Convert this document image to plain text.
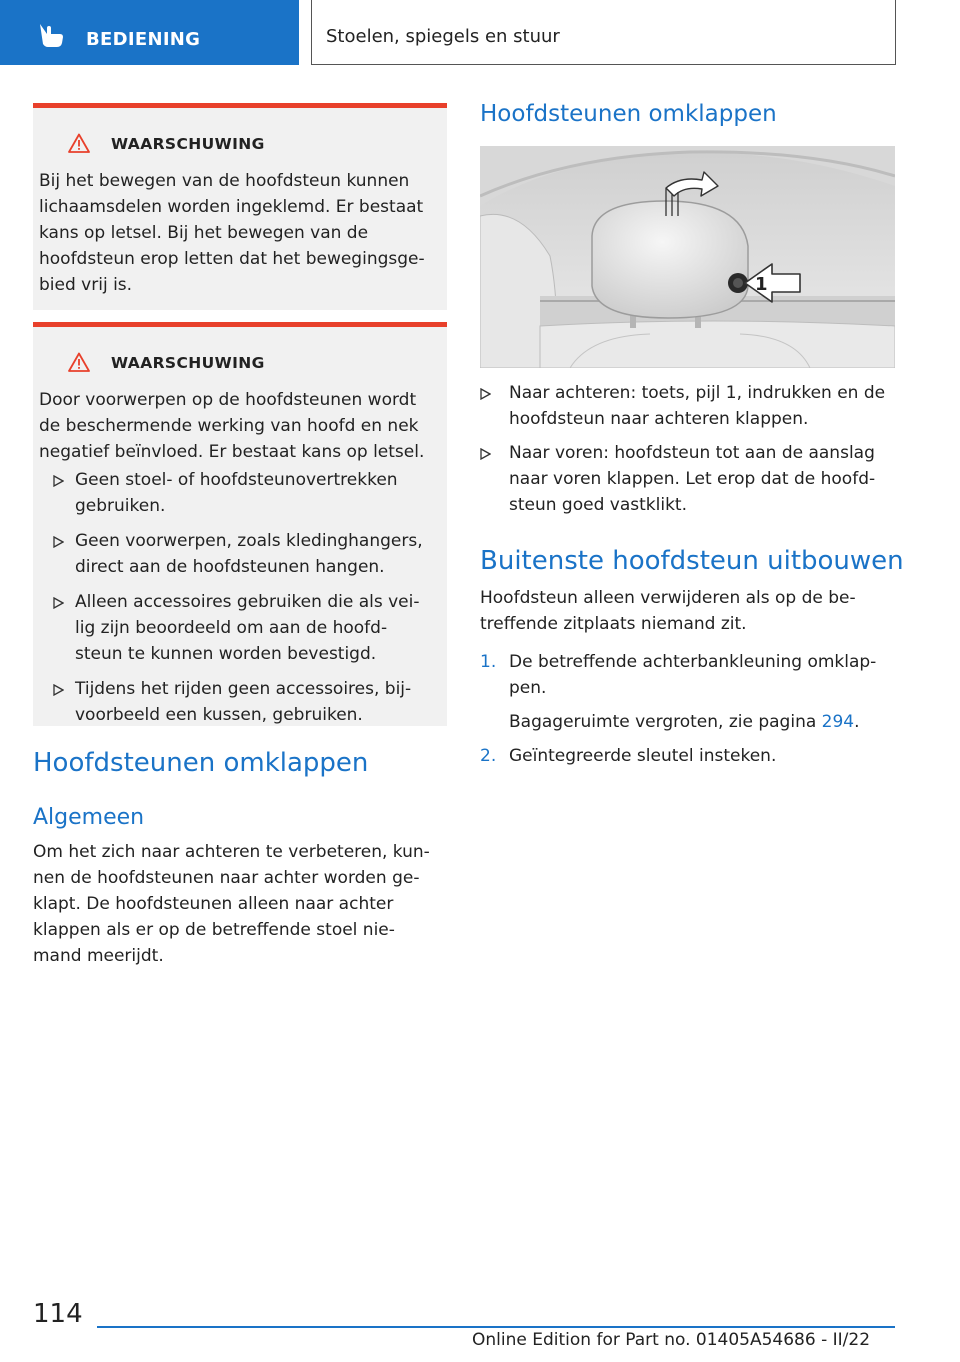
BEDIENING	Stoelen, spiegels en stuur
WAARSCHUWING
Bij het bewegen van de hoofdsteun kunnen
lichaamsdelen worden ingeklemd. Er bestaat
kans op letsel. Bij het bewegen van de
hoofdsteun erop letten dat het bewegingsge‐
bied vrij is.
WAARSCHUWING
Door voorwerpen op de hoofdsteunen wordt
de beschermende werking van hoofd en nek
negatief beïnvloed. Er bestaat kans op letsel.
Geen stoel- of hoofdsteunovertrekken
gebruiken.
Geen voorwerpen, zoals kledinghangers,
direct aan de hoofdsteunen hangen.
Alleen accessoires gebruiken die als vei‐
lig zijn beoordeeld om aan de hoofd‐
steun te kunnen worden bevestigd.
Tijdens het rijden geen accessoires, bij‐
voorbeeld een kussen, gebruiken.
Hoofdsteunen omklappen
Algemeen
Om het zich naar achteren te verbeteren, kun‐
nen de hoofdsteunen naar achter worden ge‐
klapt. De hoofdsteunen alleen naar achter
klappen als er op de betreffende stoel nie‐
mand meerijdt.
Hoofdsteunen omklappen
1
Naar achteren: toets, pijl 1, indrukken en de
hoofdsteun naar achteren klappen.
Naar voren: hoofdsteun tot aan de aanslag
naar voren klappen. Let erop dat de hoofd‐
steun goed vastklikt.
Buitenste hoofdsteun uitbouwen
Hoofdsteun alleen verwijderen als op de be‐
treffende zitplaats niemand zit.
1. De betreffende achterbankleuning omklap‐
pen.
Bagageruimte vergroten, zie pagina 294.
2. Geïntegreerde sleutel insteken.
114
Online Edition for Part no. 01405A54686 - II/22
